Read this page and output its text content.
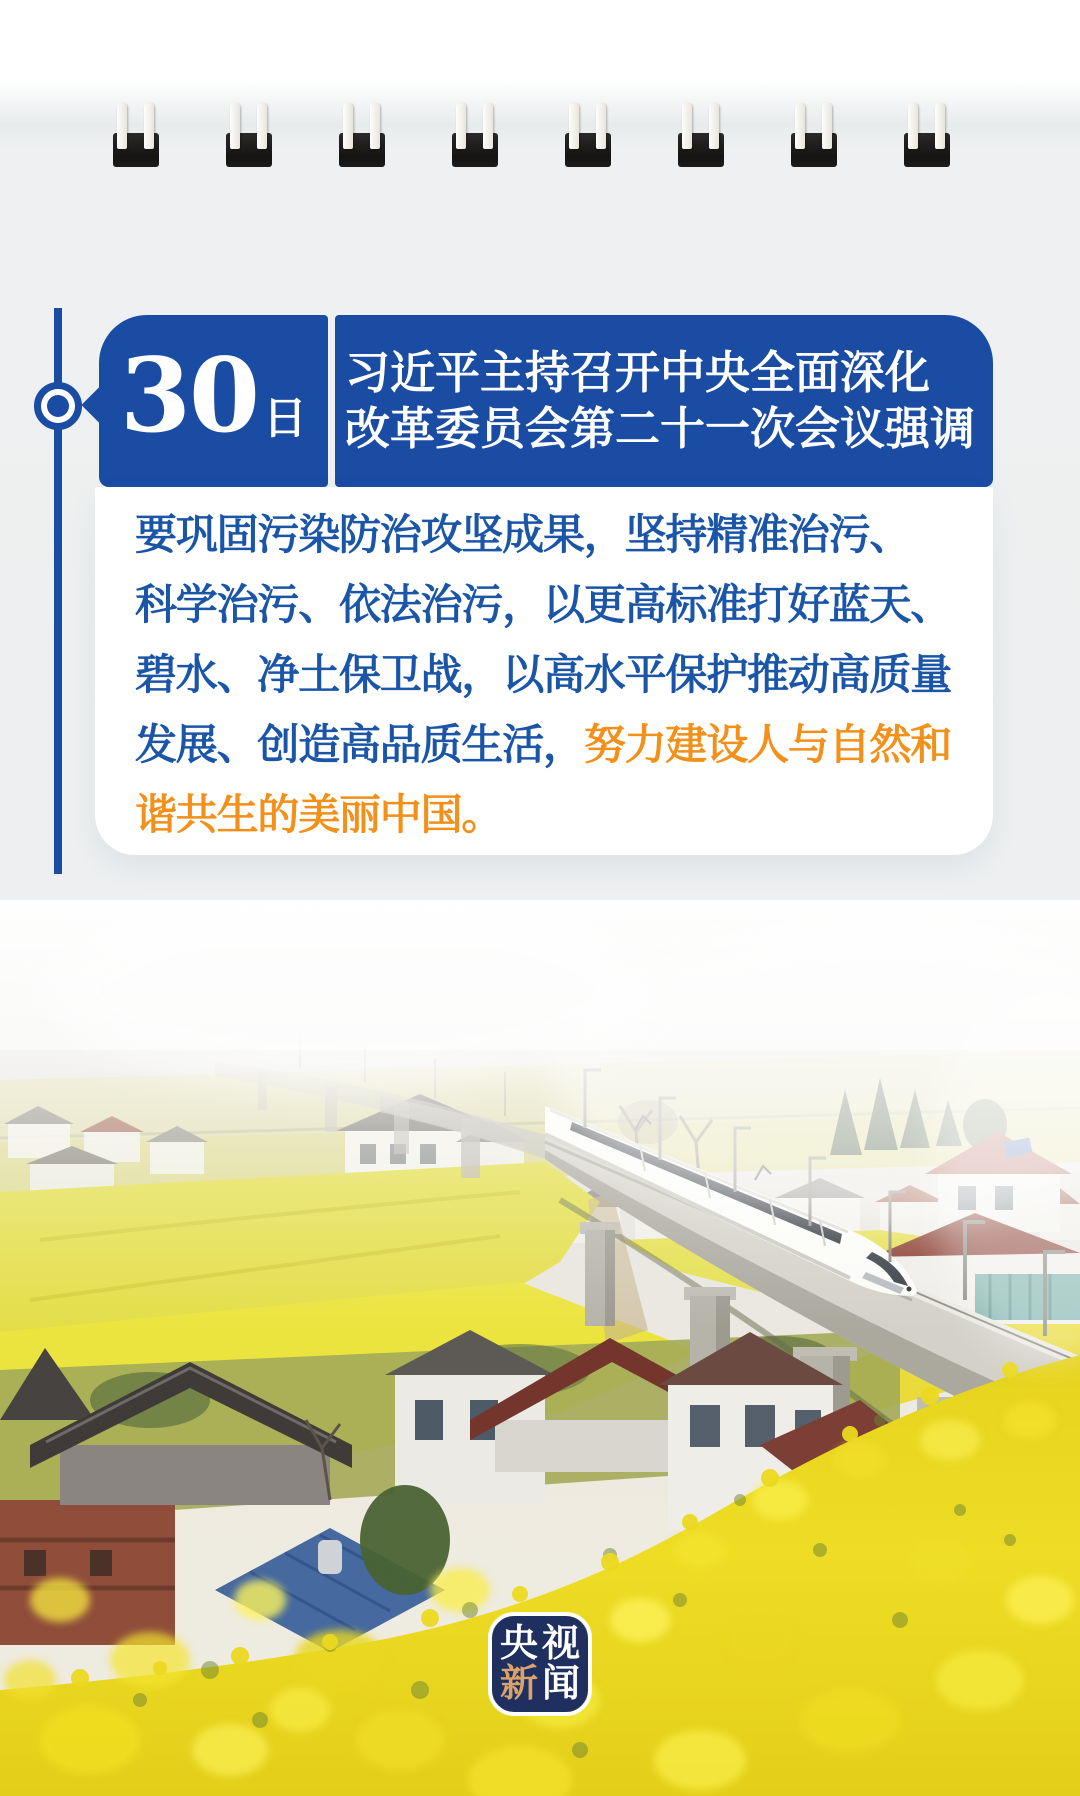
30 日
习近平主持召开中央全面深化
改革委员会第二十一次会议强调
要巩固污染防治攻坚成果，坚持精准治污、
科学治污、依法治污，以更高标准打好蓝天、
碧水、净土保卫战，以高水平保护推动高质量
发展、创造高品质生活，努力建设人与自然和
谐共生的美丽中国。
央 视
新 闻
